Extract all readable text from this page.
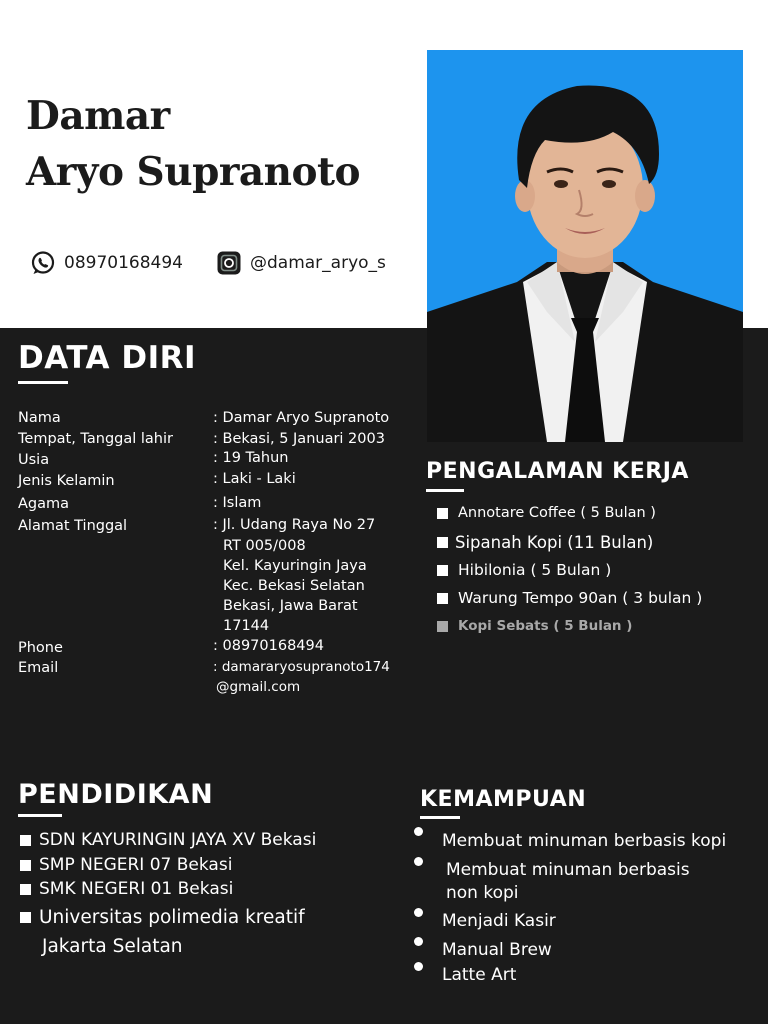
Damar
Aryo Supranoto
08970168494	@damar_aryo_s
DATA DIRI
Nama	: Damar Aryo Supranoto
Tempat, Tanggal lahir	: Bekasi, 5 Januari 2003
Usia	: 19 Tahun
Jenis Kelamin	: Laki - Laki
Agama	: Islam
Alamat Tinggal	: Jl. Udang Raya No 27
RT 005/008
Kel. Kayuringin Jaya
Kec. Bekasi Selatan
Bekasi, Jawa Barat
17144
Phone	: 08970168494
Email	: damararyosupranoto174
@gmail.com
PENGALAMAN KERJA
Annotare Coffee ( 5 Bulan )
Sipanah Kopi (11 Bulan)
Hibilonia ( 5 Bulan )
Warung Tempo 90an ( 3 bulan )
Kopi Sebats ( 5 Bulan )
PENDIDIKAN
SDN KAYURINGIN JAYA XV Bekasi
SMP NEGERI 07 Bekasi
SMK NEGERI 01 Bekasi
Universitas polimedia kreatif
Jakarta Selatan
KEMAMPUAN
Membuat minuman berbasis kopi
Membuat minuman berbasis
non kopi
Menjadi Kasir
Manual Brew
Latte Art
